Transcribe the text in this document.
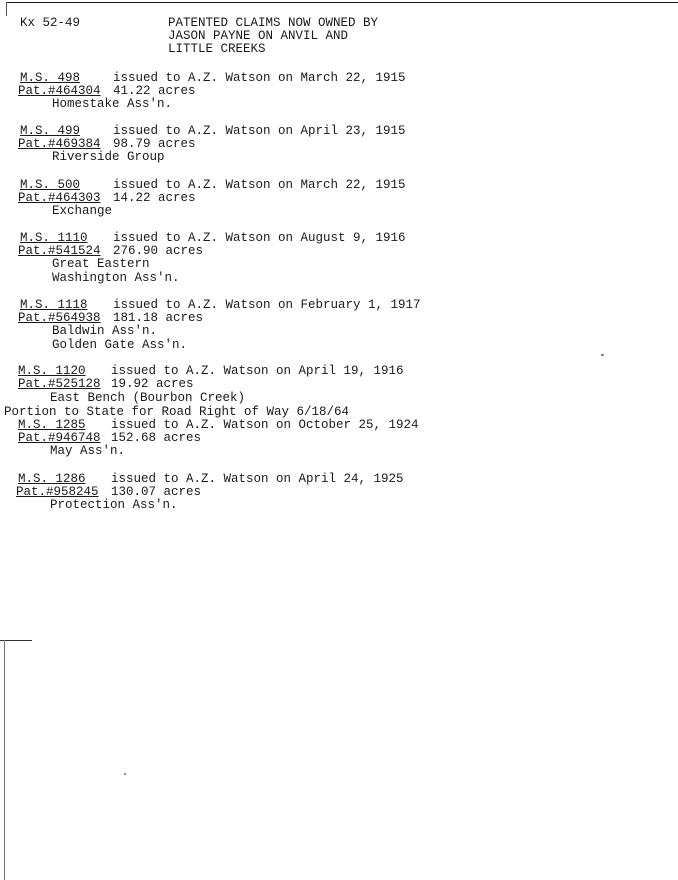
Kx 52-49	PATENTED CLAIMS NOW OWNED BY
JASON PAYNE ON ANVIL AND
LITTLE CREEKS
M.S. 498	issued to A.Z. Watson on March 22, 1915
Pat.#464304 41.22 acres
Homestake Ass'n.
M.S. 499	issued to A.Z. Watson on April 23, 1915
Pat.#469384 98.79 acres
Riverside Group
M.S. 500	issued to A.Z. Watson on March 22, 1915
Pat.#464303 14.22 acres
Exchange
M.S. 1110 issued to A.Z. Watson on August 9, 1916
Pat.#541524 276.90 acres
Great Eastern
Washington Ass'n.
M.S. 1118 issued to A.Z. Watson on February 1, 1917
Pat.#564938 181.18 acres
Baldwin Ass'n.
Golden Gate Ass'n.
M.S. 1120 issued to A.Z. Watson on April 19, 1916
Pat.#525128 19.92 acres
East Bench (Bourbon Creek)
Portion to State for Road Right of Way 6/18/64
M.S. 1285 issued to A.Z. Watson on October 25, 1924
Pat.#946748 152.68 acres
May Ass'n.
M.S. 1286 issued to A.Z. Watson on April 24, 1925
Pat.#958245 130.07 acres
Protection Ass'n.
